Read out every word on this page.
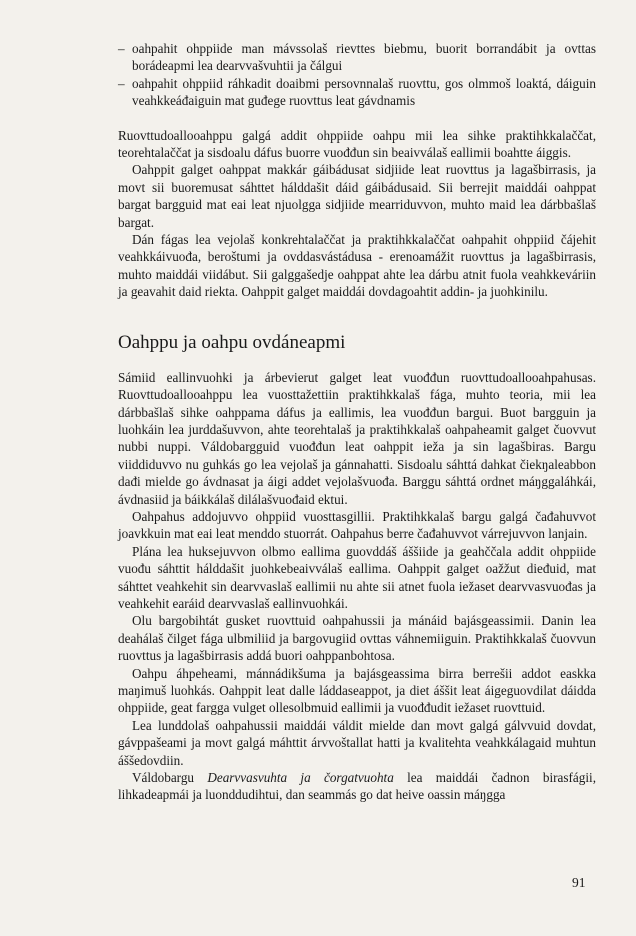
– oahpahit ohppiide man mávssolaš rievttes biebmu, buorit borrandábit ja ovttas borádeapmi lea dearvvašvuhtii ja čálgui
– oahpahit ohppiid ráhkadit doaibmi persovnnalaš ruovttu, gos olmmoš loaktá, dáiguin veahkkeáđaiguin mat guđege ruovttus leat gávdnamis

Ruovttudoallooahppu galgá addit ohppiide oahpu mii lea sihke praktihkkalaččat, teorehtalaččat ja sisdoalu dáfus buorre vuođđun sin beaivválaš eallimii boahtte áiggis.

Oahppit galget oahppat makkár gáibádusat sidjiide leat ruovttus ja lagašbirrasis, ja movt sii buoremusat sáhttet hálddašit dáid gáibádusaid. Sii berrejit maiddái oahppat bargat bargguid mat eai leat njuolgga sidjiide mearriduvvon, muhto maid lea dárbbašlaš bargat.

Dán fágas lea vejolaš konkrehtalaččat ja praktihkkalaččat oahpahit ohppiid čájehit veahkkáivuođa, beroštumi ja ovddasvástádusa - erenoamážit ruovttus ja lagašbirrasis, muhto maiddái viidábut. Sii galggašedje oahppat ahte lea dárbu atnit fuola veahkkeváriin ja geavahit daid riekta. Oahppit galget maiddái dovdagoahtit addin- ja juohkinilu.

Oahppu ja oahpu ovdáneapmi

Sámiid eallinvuohki ja árbevierut galget leat vuođđun ruovttudoallooahpahusas. Ruovttudoallooahppu lea vuosttažettiin praktihkkalaš fága, muhto teoria, mii lea dárbbašlaš sihke oahppama dáfus ja eallimis, lea vuođđun bargui. Buot bargguin ja luohkáin lea jurddašuvvon, ahte teorehtalaš ja praktihkkalaš oahpaheamit galget čuovvut nubbi nuppi. Váldobargguid vuođđun leat oahppit ieža ja sin lagašbiras. Bargu viiddiduvvo nu guhkás go lea vejolaš ja gánnahatti. Sisdoalu sáhttá dahkat čiekŋaleabbon dađi mielde go ávdnasat ja áigi addet vejolašvuođa. Barggu sáhttá ordnet máŋggaláhkái, ávdnasiid ja báikkálaš dilálašvuođaid ektui.

Oahpahus addojuvvo ohppiid vuosttasgillii. Praktihkkalaš bargu galgá čađahuvvot joavkkuin mat eai leat menddo stuorrát. Oahpahus berre čađahuvvot várrejuvvon lanjain.

Plána lea huksejuvvon olbmo eallima guovddáš áššiide ja geahččala addit ohppiide vuođu sáhttit hálddašit juohkebeaivválaš eallima. Oahppit galget oažžut dieđuid, mat sáhttet veahkehit sin dearvvaslaš eallimii nu ahte sii atnet fuola iežaset dearvvasvuođas ja veahkehit earáid dearvvaslaš eallinvuohkái.

Olu bargobihtát gusket ruovttuid oahpahussii ja mánáid bajásgeassimii. Danin lea deahálaš čilget fága ulbmiliid ja bargovugiid ovttas váhnemiiguin. Praktihkkalaš čuovvun ruovttus ja lagašbirrasis addá buori oahppanbohtosa.

Oahpu áhpeheami, mánnádikšuma ja bajásgeassima birra berrešii addot easkka maŋimuš luohkás. Oahppit leat dalle láddaseappot, ja diet áššit leat áigeguovdilat dáidda ohppiide, geat fargga vulget ollesolbmuid eallimii ja vuođđudit iežaset ruovttuid.

Lea lunddolaš oahpahussii maiddái váldit mielde dan movt galgá gálvvuid dovdat, gávppašeami ja movt galgá máhttit árvvoštallat hatti ja kvalitehta veahkkálagaid muhtun áššedovdiin.

Váldobargu Dearvvasvuhta ja čorgatvuohta lea maiddái čadnon birasfágii, lihkadeapmái ja luonddudihtui, dan seammás go dat heive oassin máŋgga

91
